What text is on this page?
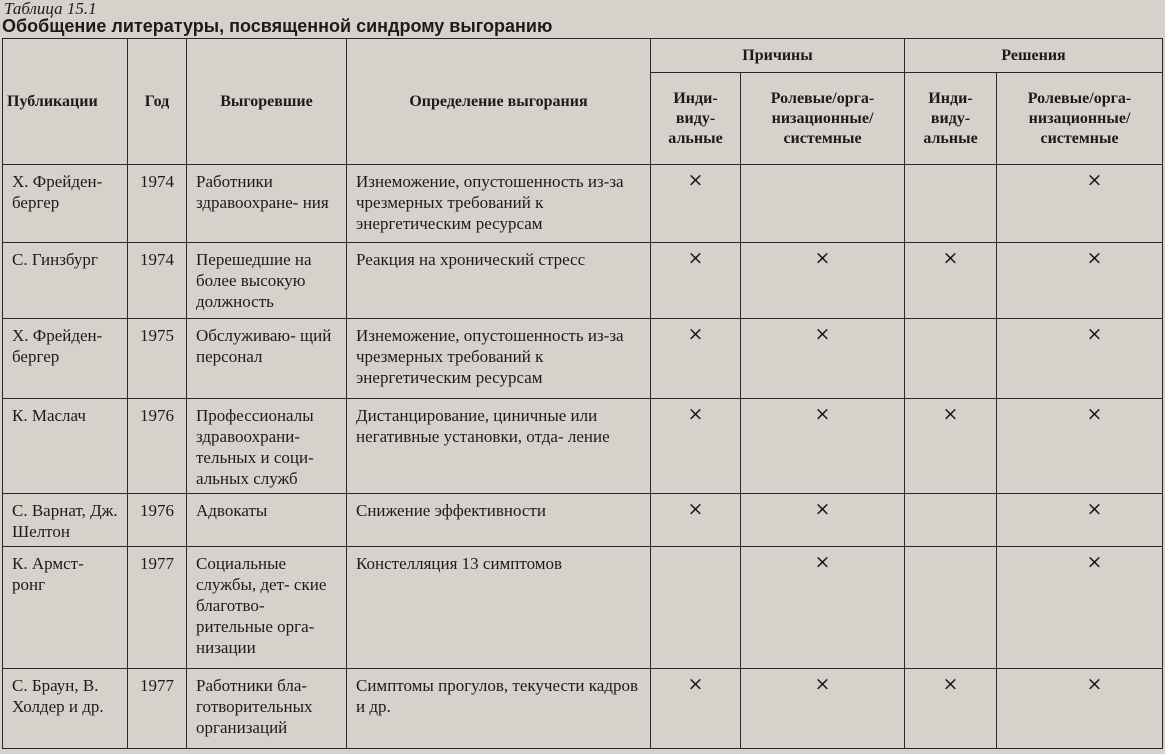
Таблица 15.1
Обобщение литературы, посвященной синдрому выгоранию
Публикации	Год	Выгоревшие	Определение выгорания	Причины		Решения	
				Инди- виду- альные	Ролевые/орга- низационные/ системные	Инди- виду- альные	Ролевые/орга- низационные/ системные
Х. Фрейден- бергер	1974	Работники здравоохране- ния	Изнеможение, опустошенность из-за чрезмерных требований к энергетическим ресурсам	×			×
С. Гинзбург	1974	Перешедшие на более высокую должность	Реакция на хронический стресс	×	×	×	×
Х. Фрейден- бергер	1975	Обслуживаю- щий персонал	Изнеможение, опустошенность из-за чрезмерных требований к энергетическим ресурсам	×	×		×
К. Маслач	1976	Профессионалы здравоохрани- тельных и соци- альных служб	Дистанцирование, циничные или негативные установки, отда- ление	×	×	×	×
С. Варнат, Дж. Шелтон	1976	Адвокаты	Снижение эффективности	×	×		×
К. Армст- ронг	1977	Социальные службы, дет- ские благотво- рительные орга- низации	Констелляция 13 симптомов		×		×
С. Браун, В. Холдер и др.	1977	Работники бла- готворительных организаций	Симптомы прогулов, текучести кадров и др.	×	×	×	×
